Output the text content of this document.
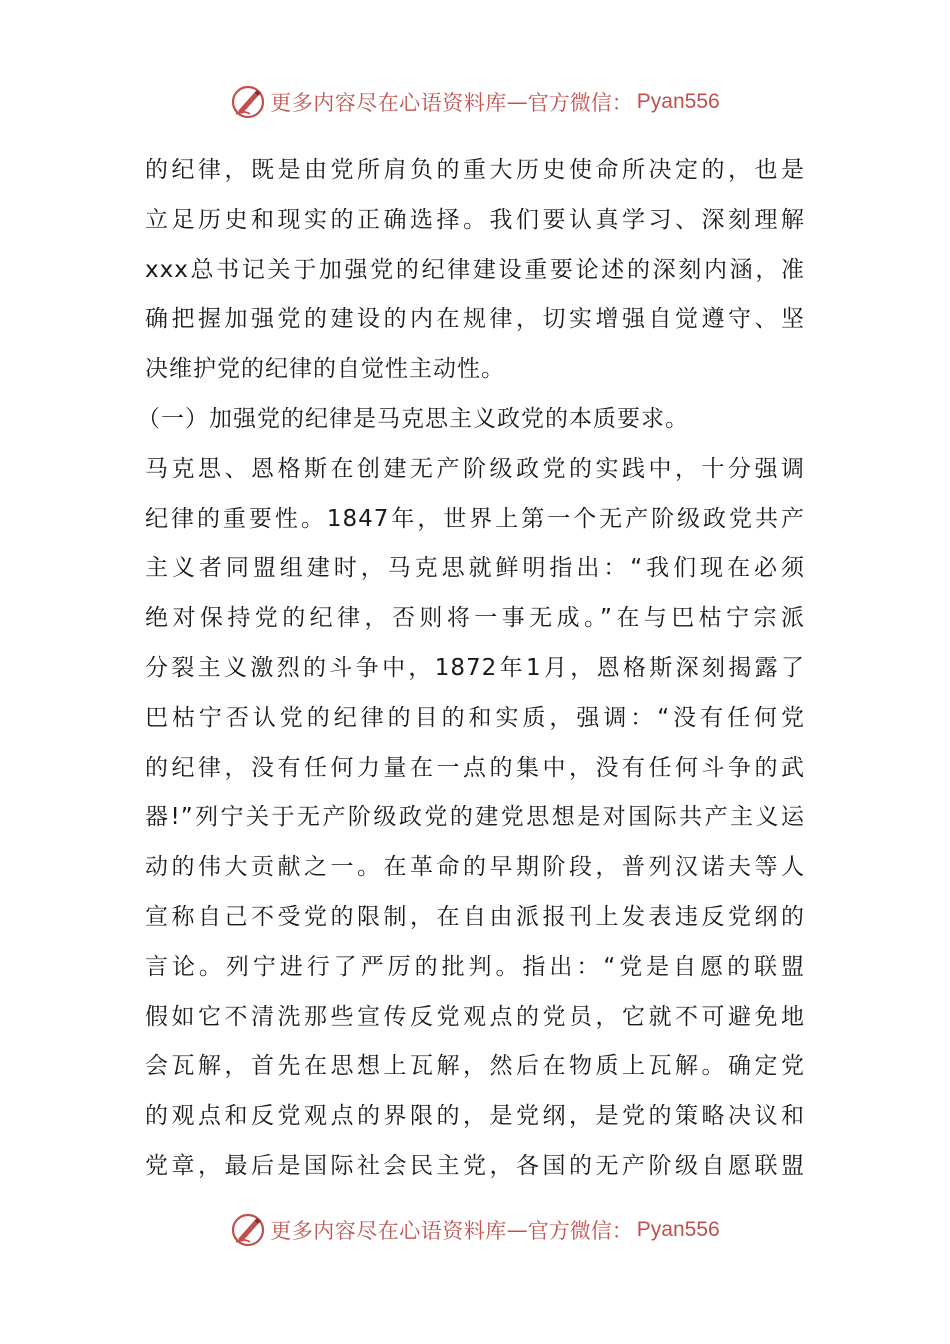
更多内容尽在心语资料库 — 官方微信： Pyan556
的纪律，既是由党所肩负的重大历史使命所决定的，也是
立足历史和现实的正确选择。我们要认真学习、深刻理解
xxx总书记关于加强党的纪律建设重要论述的深刻内涵，准
确把握加强党的建设的内在规律，切实增强自觉遵守、坚
决维护党的纪律的自觉性主动性。
（一）加强党的纪律是马克思主义政党的本质要求。
马克思、恩格斯在创建无产阶级政党的实践中，十分强调
纪律的重要性。1847年，世界上第一个无产阶级政党共产
主义者同盟组建时，马克思就鲜明指出：“我们现在必须
绝对保持党的纪律，否则将一事无成。”在与巴枯宁宗派
分裂主义激烈的斗争中，1872年1月，恩格斯深刻揭露了
巴枯宁否认党的纪律的目的和实质，强调：“没有任何党
的纪律，没有任何力量在一点的集中，没有任何斗争的武
器!”列宁关于无产阶级政党的建党思想是对国际共产主义运
动的伟大贡献之一。在革命的早期阶段，普列汉诺夫等人
宣称自己不受党的限制，在自由派报刊上发表违反党纲的
言论。列宁进行了严厉的批判。指出：“党是自愿的联盟
假如它不清洗那些宣传反党观点的党员，它就不可避免地
会瓦解，首先在思想上瓦解，然后在物质上瓦解。确定党
的观点和反党观点的界限的，是党纲，是党的策略决议和
党章，最后是国际社会民主党，各国的无产阶级自愿联盟
更多内容尽在心语资料库 — 官方微信： Pyan556
